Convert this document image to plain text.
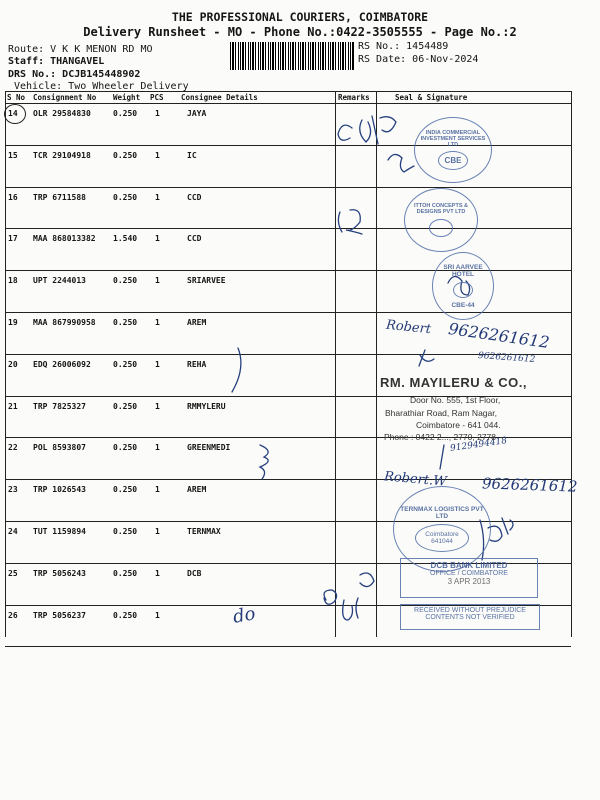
THE PROFESSIONAL COURIERS, COIMBATORE
Delivery Runsheet - MO - Phone No.:0422-3505555 - Page No.:2
Route: V K K MENON RD MO
Staff: THANGAVEL
DRS No.: DCJB145448902
Vehicle: Two Wheeler Delivery
RS No.: 1454489
RS Date: 06-Nov-2024
S No Consignment No Weight PCS Consignee Details	Remarks	Seal & Signature
14 OLR 29584830	0.250 1	JAYA
15 TCR 29104918	0.250 1	IC
16 TRP 6711588	0.250 1	CCD
17 MAA 868013382 1.540 1	CCD
18 UPT 2244013	0.250 1	SRIARVEE
19 MAA 867990958 0.250 1	AREM
20 EDQ 26006092	0.250 1	REHA
21 TRP 7825327	0.250 1	RMMYLERU
22 POL 8593807	0.250 1	GREENMEDI
23 TRP 1026543	0.250 1	AREM
24 TUT 1159894	0.250 1	TERNMAX
25 TRP 5056243	0.250 1	DCB
26 TRP 5056237	0.250 1
Robert 9626261612
9626261612
9129494418
Robert.W 9626261612
do
INDIA COMMERCIAL INVESTMENT SERVICES LTD
CBE
ITTOH CONCEPTS & DESIGNS PVT LTD
SRI AARVEE HOTEL
CBE-44
TERNMAX LOGISTICS PVT LTD
Coimbatore 641044
DCB BANK LIMITED
OFFICE / COIMBATORE
3 APR 2013
RECEIVED WITHOUT PREJUDICE
CONTENTS NOT VERIFIED
RM. MAYILERU & CO.,
Door No. 555, 1st Floor,
Bharathiar Road, Ram Nagar,
Coimbatore - 641 044.
Phone : 0422 2..., 2770, 2778
